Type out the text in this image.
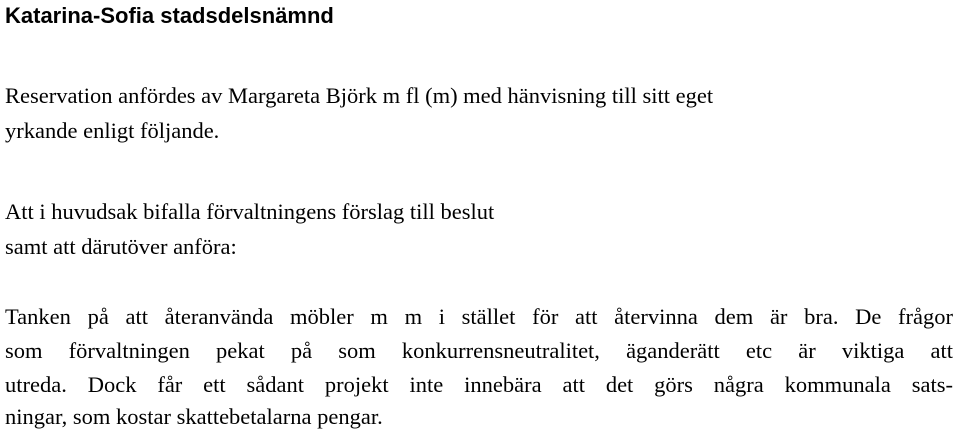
Katarina-Sofia stadsdelsnämnd

Reservation anfördes av Margareta Björk m fl (m) med hänvisning till sitt eget

yrkande enligt följande.

Att i huvudsak bifalla förvaltningens förslag till beslut

samt att därutöver anföra:

Tanken på att återanvända möbler m m i stället för att återvinna dem är bra. De frågor

som förvaltningen pekat på som konkurrensneutralitet, äganderätt etc är viktiga att

utreda. Dock får ett sådant projekt inte innebära att det görs några kommunala sats-

ningar, som kostar skattebetalarna pengar.
